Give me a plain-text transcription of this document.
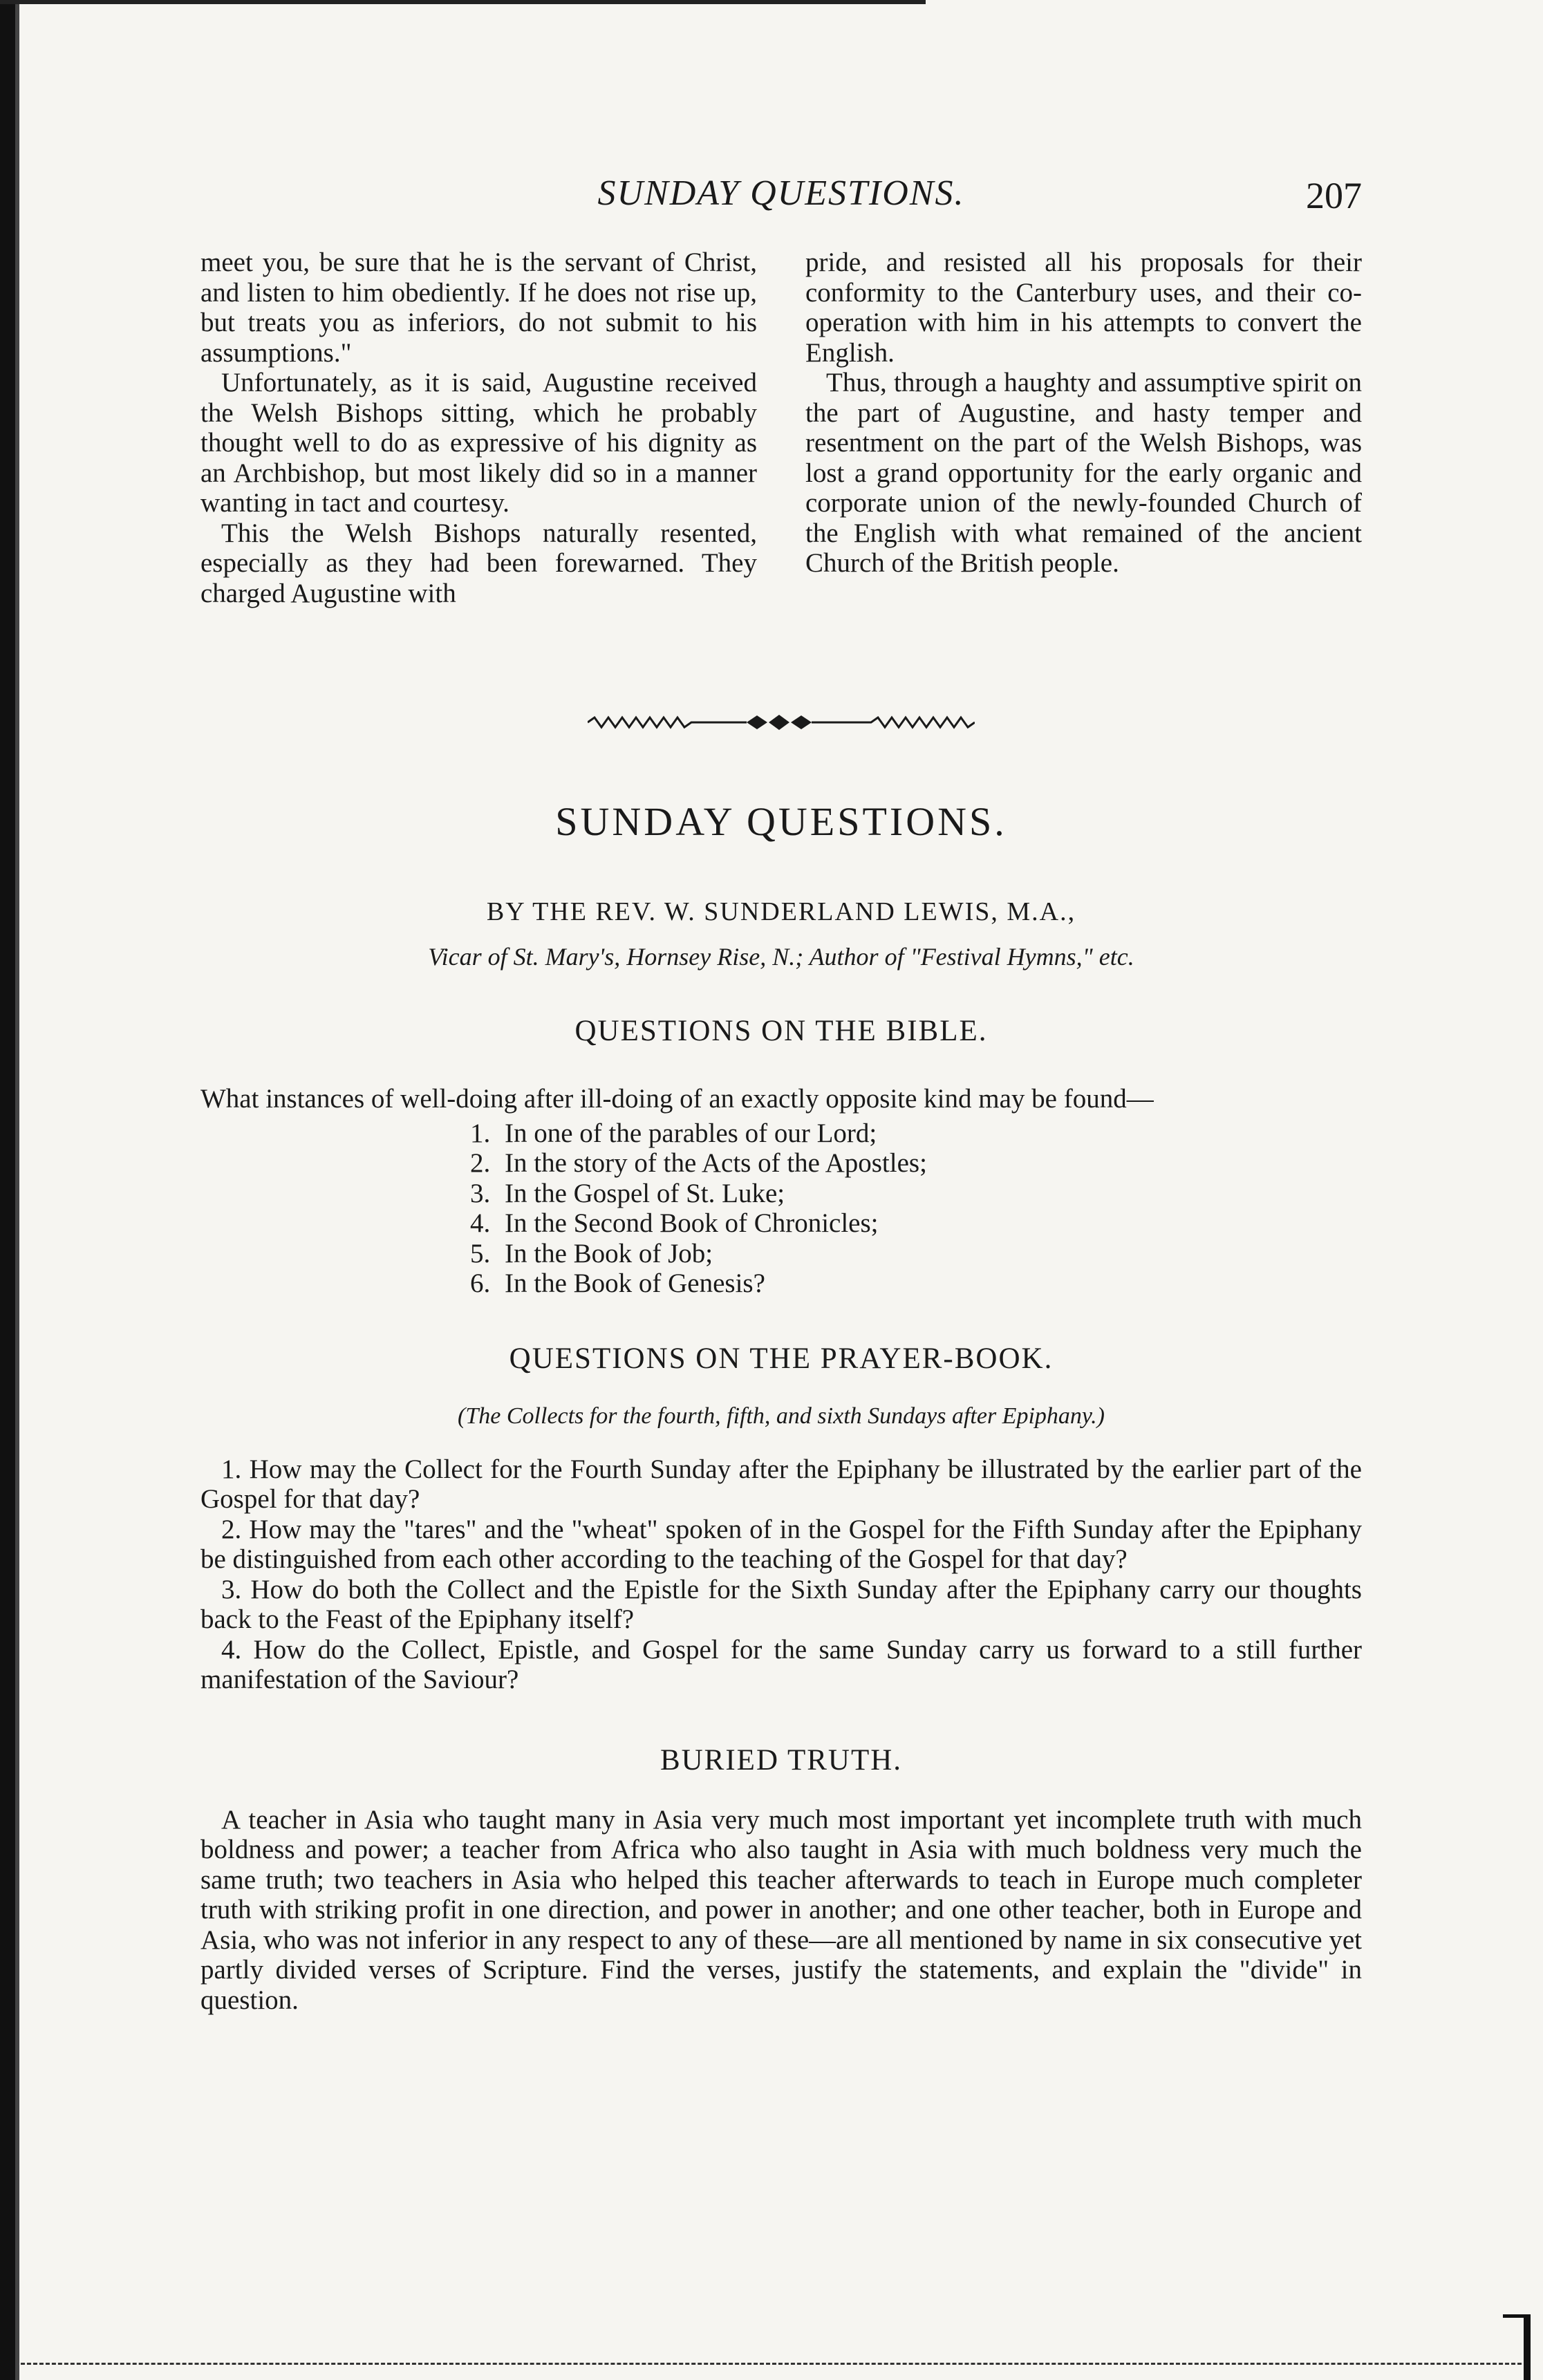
SUNDAY QUESTIONS.	207

meet you, be sure that he is the servant of Christ, and listen to him obediently. If he does not rise up, but treats you as inferiors, do not submit to his assumptions."

Unfortunately, as it is said, Augustine received the Welsh Bishops sitting, which he probably thought well to do as expressive of his dignity as an Archbishop, but most likely did so in a manner wanting in tact and courtesy.

This the Welsh Bishops naturally resented, especially as they had been forewarned. They charged Augustine with

pride, and resisted all his proposals for their conformity to the Canterbury uses, and their co-operation with him in his attempts to convert the English.

Thus, through a haughty and assumptive spirit on the part of Augustine, and hasty temper and resentment on the part of the Welsh Bishops, was lost a grand opportunity for the early organic and corporate union of the newly-founded Church of the English with what remained of the ancient Church of the British people.

SUNDAY QUESTIONS.
BY THE REV. W. SUNDERLAND LEWIS, M.A.,
Vicar of St. Mary's, Hornsey Rise, N.; Author of "Festival Hymns," etc.
QUESTIONS ON THE BIBLE.

What instances of well-doing after ill-doing of an exactly opposite kind may be found—

1. In one of the parables of our Lord;
2. In the story of the Acts of the Apostles;
3. In the Gospel of St. Luke;
4. In the Second Book of Chronicles;
5. In the Book of Job;
6. In the Book of Genesis?
QUESTIONS ON THE PRAYER-BOOK.
(The Collects for the fourth, fifth, and sixth Sundays after Epiphany.)

1. How may the Collect for the Fourth Sunday after the Epiphany be illustrated by the earlier part of the Gospel for that day?

2. How may the "tares" and the "wheat" spoken of in the Gospel for the Fifth Sunday after the Epiphany be distinguished from each other according to the teaching of the Gospel for that day?

3. How do both the Collect and the Epistle for the Sixth Sunday after the Epiphany carry our thoughts back to the Feast of the Epiphany itself?

4. How do the Collect, Epistle, and Gospel for the same Sunday carry us forward to a still further manifestation of the Saviour?

BURIED TRUTH.

A teacher in Asia who taught many in Asia very much most important yet incomplete truth with much boldness and power; a teacher from Africa who also taught in Asia with much boldness very much the same truth; two teachers in Asia who helped this teacher afterwards to teach in Europe much completer truth with striking profit in one direction, and power in another; and one other teacher, both in Europe and Asia, who was not inferior in any respect to any of these—are all mentioned by name in six consecutive yet partly divided verses of Scripture. Find the verses, justify the statements, and explain the "divide" in question.
